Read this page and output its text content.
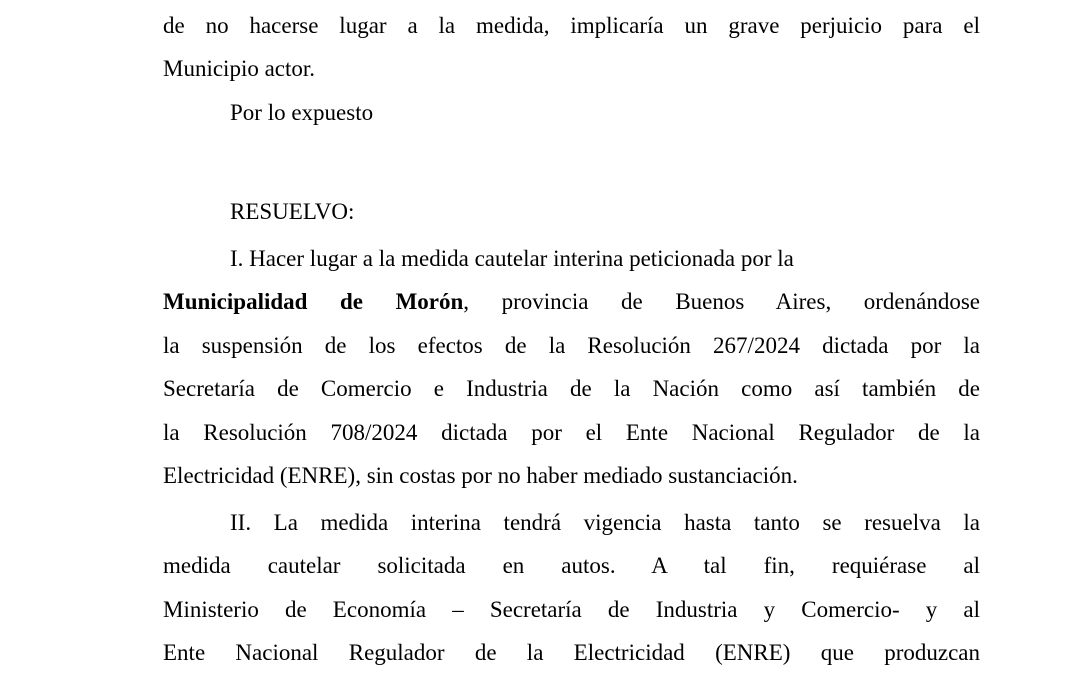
de no hacerse lugar a la medida, implicaría un grave perjuicio para el
Municipio actor.
Por lo expuesto
RESUELVO:
I. Hacer lugar a la medida cautelar interina peticionada por la
Municipalidad de Morón, provincia de Buenos Aires, ordenándose
la suspensión de los efectos de la Resolución 267/2024 dictada por la
Secretaría de Comercio e Industria de la Nación como así también de
la Resolución 708/2024 dictada por el Ente Nacional Regulador de la
Electricidad (ENRE), sin costas por no haber mediado sustanciación.
II. La medida interina tendrá vigencia hasta tanto se resuelva la
medida cautelar solicitada en autos. A tal fin, requiérase al
Ministerio de Economía – Secretaría de Industria y Comercio- y al
Ente Nacional Regulador de la Electricidad (ENRE) que produzcan
